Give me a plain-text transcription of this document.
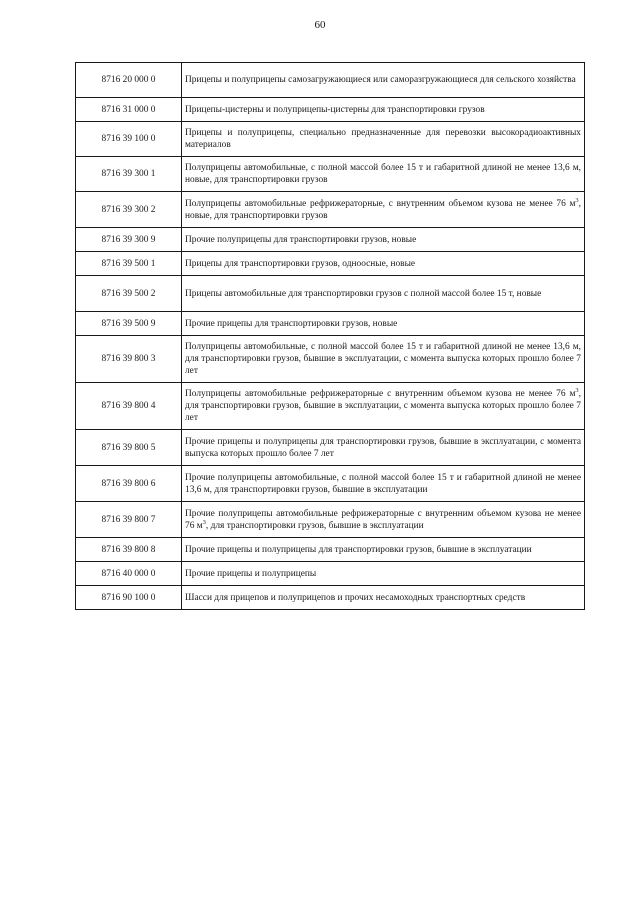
60
8716 20 000 0	Прицепы и полуприцепы самозагружающиеся или саморазгружающиеся для сельского хозяйства
8716 31 000 0	Прицепы-цистерны и полуприцепы-цистерны для транспортировки грузов
8716 39 100 0	Прицепы и полуприцепы, специально предназначенные для перевозки высокорадиоактивных материалов
8716 39 300 1	Полуприцепы автомобильные, с полной массой более 15 т и габаритной длиной не менее 13,6 м, новые, для транспортировки грузов
8716 39 300 2	Полуприцепы автомобильные рефрижераторные, с внутренним объемом кузова не менее 76 $м^3$, новые, для транспортировки грузов
8716 39 300 9	Прочие полуприцепы для транспортировки грузов, новые
8716 39 500 1	Прицепы для транспортировки грузов, одноосные, новые
8716 39 500 2	Прицепы автомобильные для транспортировки грузов с полной массой более 15 т, новые
8716 39 500 9	Прочие прицепы для транспортировки грузов, новые
8716 39 800 3	Полуприцепы автомобильные, с полной массой более 15 т и габаритной длиной не менее 13,6 м, для транспортировки грузов, бывшие в эксплуатации, с момента выпуска которых прошло более 7 лет
8716 39 800 4	Полуприцепы автомобильные рефрижераторные с внутренним объемом кузова не менее 76 $м^3$, для транспортировки грузов, бывшие в эксплуатации, с момента выпуска которых прошло более 7 лет
8716 39 800 5	Прочие прицепы и полуприцепы для транспортировки грузов, бывшие в эксплуатации, с момента выпуска которых прошло более 7 лет
8716 39 800 6	Прочие полуприцепы автомобильные, с полной массой более 15 т и габаритной длиной не менее 13,6 м, для транспортировки грузов, бывшие в эксплуатации
8716 39 800 7	Прочие полуприцепы автомобильные рефрижераторные с внутренним объемом кузова не менее 76 $м^3$, для транспортировки грузов, бывшие в эксплуатации
8716 39 800 8	Прочие прицепы и полуприцепы для транспортировки грузов, бывшие в эксплуатации
8716 40 000 0	Прочие прицепы и полуприцепы
8716 90 100 0	Шасси для прицепов и полуприцепов и прочих несамоходных транспортных средств
